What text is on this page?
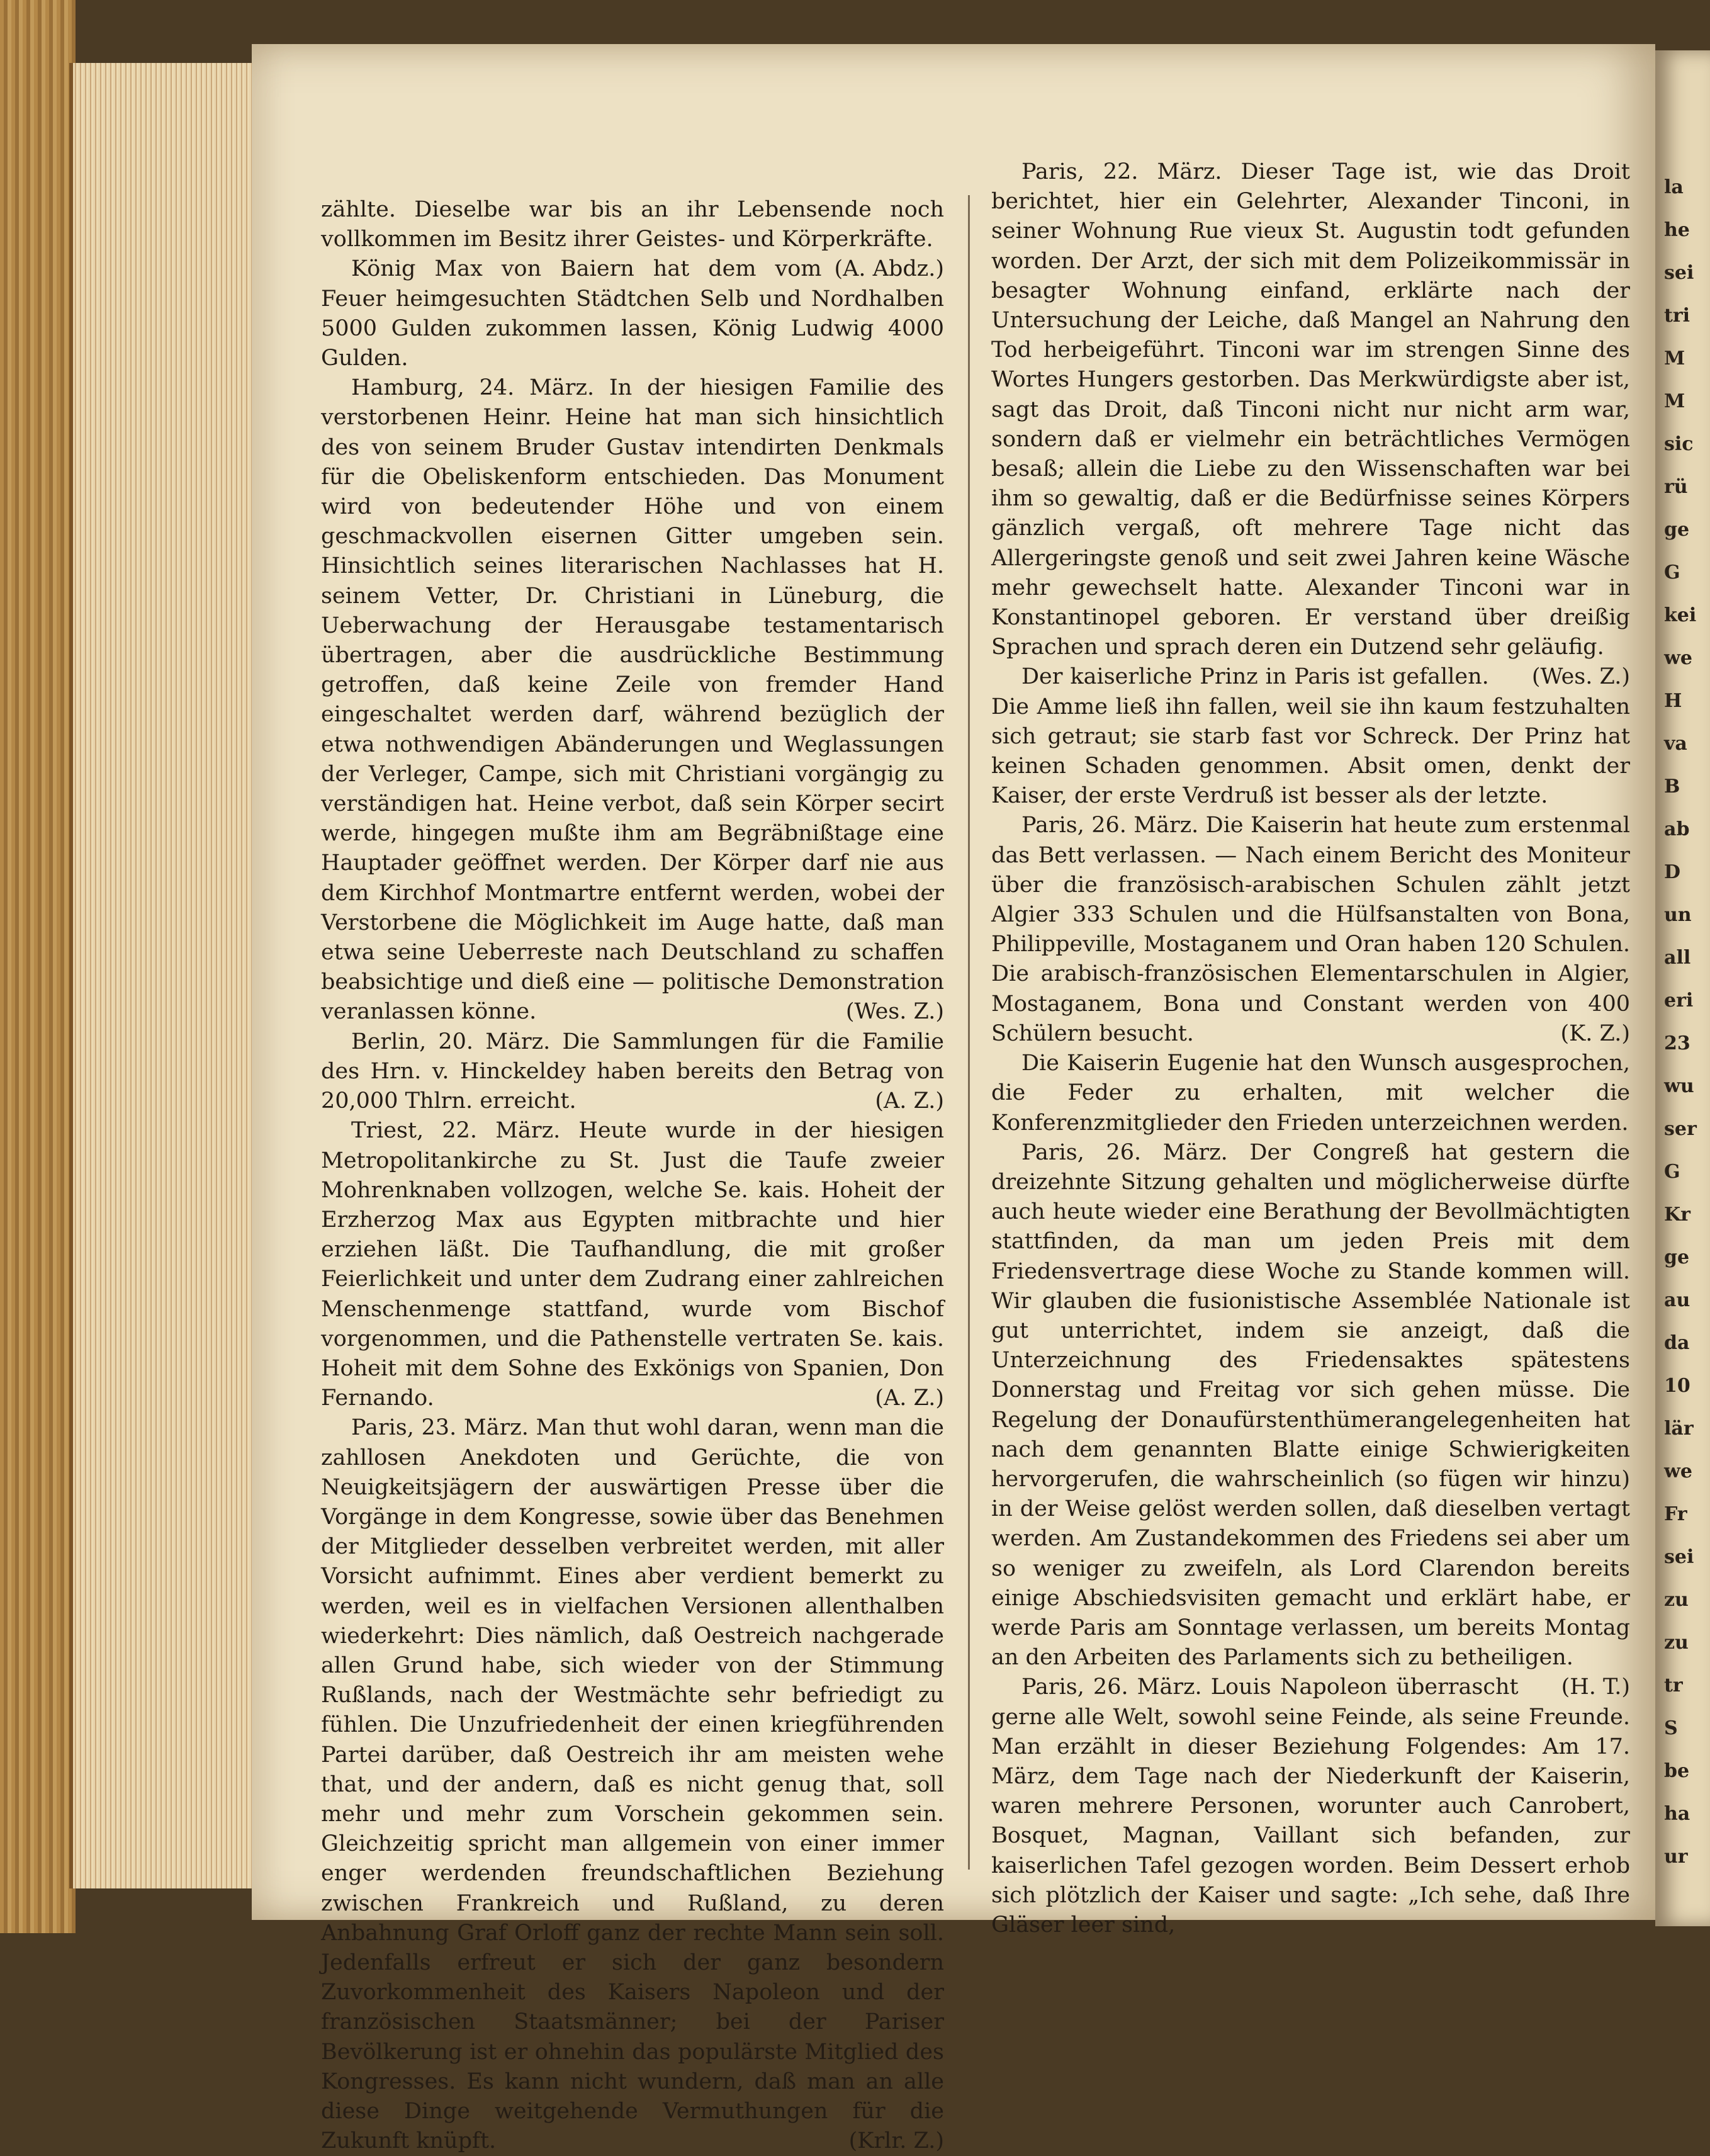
zählte. Dieselbe war bis an ihr Lebensende noch vollkommen im Besitz ihrer Geistes- und Körperkräfte.
(A. Abdz.)

König Max von Baiern hat dem vom Feuer heimgesuchten Städtchen Selb und Nordhalben 5000 Gulden zukommen lassen, König Ludwig 4000 Gulden.

Hamburg, 24. März. In der hiesigen Familie des verstorbenen Heinr. Heine hat man sich hinsichtlich des von seinem Bruder Gustav intendirten Denkmals für die Obeliskenform entschieden. Das Monument wird von bedeutender Höhe und von einem geschmackvollen eisernen Gitter umgeben sein. Hinsichtlich seines literarischen Nachlasses hat H. seinem Vetter, Dr. Christiani in Lüneburg, die Ueberwachung der Herausgabe testamentarisch übertragen, aber die ausdrückliche Bestimmung getroffen, daß keine Zeile von fremder Hand eingeschaltet werden darf, während bezüglich der etwa nothwendigen Abänderungen und Weglassungen der Verleger, Campe, sich mit Christiani vorgängig zu verständigen hat. Heine verbot, daß sein Körper secirt werde, hingegen mußte ihm am Begräbnißtage eine Hauptader geöffnet werden. Der Körper darf nie aus dem Kirchhof Montmartre entfernt werden, wobei der Verstorbene die Möglichkeit im Auge hatte, daß man etwa seine Ueberreste nach Deutschland zu schaffen beabsichtige und dieß eine — politische Demonstration veranlassen könne.	(Wes. Z.)

Berlin, 20. März. Die Sammlungen für die Familie des Hrn. v. Hinckeldey haben bereits den Betrag von 20,000 Thlrn. erreicht.	(A. Z.)

Triest, 22. März. Heute wurde in der hiesigen Metropolitankirche zu St. Just die Taufe zweier Mohrenknaben vollzogen, welche Se. kais. Hoheit der Erzherzog Max aus Egypten mitbrachte und hier erziehen läßt. Die Taufhandlung, die mit großer Feierlichkeit und unter dem Zudrang einer zahlreichen Menschenmenge stattfand, wurde vom Bischof vorgenommen, und die Pathenstelle vertraten Se. kais. Hoheit mit dem Sohne des Exkönigs von Spanien, Don Fernando.	(A. Z.)

Paris, 23. März. Man thut wohl daran, wenn man die zahllosen Anekdoten und Gerüchte, die von Neuigkeitsjägern der auswärtigen Presse über die Vorgänge in dem Kongresse, sowie über das Benehmen der Mitglieder desselben verbreitet werden, mit aller Vorsicht aufnimmt. Eines aber verdient bemerkt zu werden, weil es in vielfachen Versionen allenthalben wiederkehrt: Dies nämlich, daß Oestreich nachgerade allen Grund habe, sich wieder von der Stimmung Rußlands, nach der Westmächte sehr befriedigt zu fühlen. Die Unzufriedenheit der einen kriegführenden Partei darüber, daß Oestreich ihr am meisten wehe that, und der andern, daß es nicht genug that, soll mehr und mehr zum Vorschein gekommen sein. Gleichzeitig spricht man allgemein von einer immer enger werdenden freundschaftlichen Beziehung zwischen Frankreich und Rußland, zu deren Anbahnung Graf Orloff ganz der rechte Mann sein soll. Jedenfalls erfreut er sich der ganz besondern Zuvorkommenheit des Kaisers Napoleon und der französischen Staatsmänner; bei der Pariser Bevölkerung ist er ohnehin das populärste Mitglied des Kongresses. Es kann nicht wundern, daß man an alle diese Dinge weitgehende Vermuthungen für die Zukunft knüpft.	(Krlr. Z.)

Paris, 22. März. Dieser Tage ist, wie das Droit berichtet, hier ein Gelehrter, Alexander Tinconi, in seiner Wohnung Rue vieux St. Augustin todt gefunden worden. Der Arzt, der sich mit dem Polizeikommissär in besagter Wohnung einfand, erklärte nach der Untersuchung der Leiche, daß Mangel an Nahrung den Tod herbeigeführt. Tinconi war im strengen Sinne des Wortes Hungers gestorben. Das Merkwürdigste aber ist, sagt das Droit, daß Tinconi nicht nur nicht arm war, sondern daß er vielmehr ein beträchtliches Vermögen besaß; allein die Liebe zu den Wissenschaften war bei ihm so gewaltig, daß er die Bedürfnisse seines Körpers gänzlich vergaß, oft mehrere Tage nicht das Allergeringste genoß und seit zwei Jahren keine Wäsche mehr gewechselt hatte. Alexander Tinconi war in Konstantinopel geboren. Er verstand über dreißig Sprachen und sprach deren ein Dutzend sehr geläufig.
(Wes. Z.)

Der kaiserliche Prinz in Paris ist gefallen. Die Amme ließ ihn fallen, weil sie ihn kaum festzuhalten sich getraut; sie starb fast vor Schreck. Der Prinz hat keinen Schaden genommen. Absit omen, denkt der Kaiser, der erste Verdruß ist besser als der letzte.

Paris, 26. März. Die Kaiserin hat heute zum erstenmal das Bett verlassen. — Nach einem Bericht des Moniteur über die französisch-arabischen Schulen zählt jetzt Algier 333 Schulen und die Hülfsanstalten von Bona, Philippeville, Mostaganem und Oran haben 120 Schulen. Die arabisch-französischen Elementarschulen in Algier, Mostaganem, Bona und Constant werden von 400 Schülern besucht.	(K. Z.)

Die Kaiserin Eugenie hat den Wunsch ausgesprochen, die Feder zu erhalten, mit welcher die Konferenzmitglieder den Frieden unterzeichnen werden.

Paris, 26. März. Der Congreß hat gestern die dreizehnte Sitzung gehalten und möglicherweise dürfte auch heute wieder eine Berathung der Bevollmächtigten stattfinden, da man um jeden Preis mit dem Friedensvertrage diese Woche zu Stande kommen will. Wir glauben die fusionistische Assemblée Nationale ist gut unterrichtet, indem sie anzeigt, daß die Unterzeichnung des Friedensaktes spätestens Donnerstag und Freitag vor sich gehen müsse. Die Regelung der Donaufürstenthümerangelegenheiten hat nach dem genannten Blatte einige Schwierigkeiten hervorgerufen, die wahrscheinlich (so fügen wir hinzu) in der Weise gelöst werden sollen, daß dieselben vertagt werden. Am Zustandekommen des Friedens sei aber um so weniger zu zweifeln, als Lord Clarendon bereits einige Abschiedsvisiten gemacht und erklärt habe, er werde Paris am Sonntage verlassen, um bereits Montag an den Arbeiten des Parlaments sich zu betheiligen.
(H. T.)

Paris, 26. März. Louis Napoleon überrascht gerne alle Welt, sowohl seine Feinde, als seine Freunde. Man erzählt in dieser Beziehung Folgendes: Am 17. März, dem Tage nach der Niederkunft der Kaiserin, waren mehrere Personen, worunter auch Canrobert, Bosquet, Magnan, Vaillant sich befanden, zur kaiserlichen Tafel gezogen worden. Beim Dessert erhob sich plötzlich der Kaiser und sagte: „Ich sehe, daß Ihre Gläser leer sind,

la
he
sei
tri
M
M
sic
rü
ge
G
kei
we
H
va
B
ab
D
un
all
eri
23
wu
ser
G
Kr
ge
au
da
10
lär
we
Fr
sei
zu
zu
tr
S
be
ha
ur
